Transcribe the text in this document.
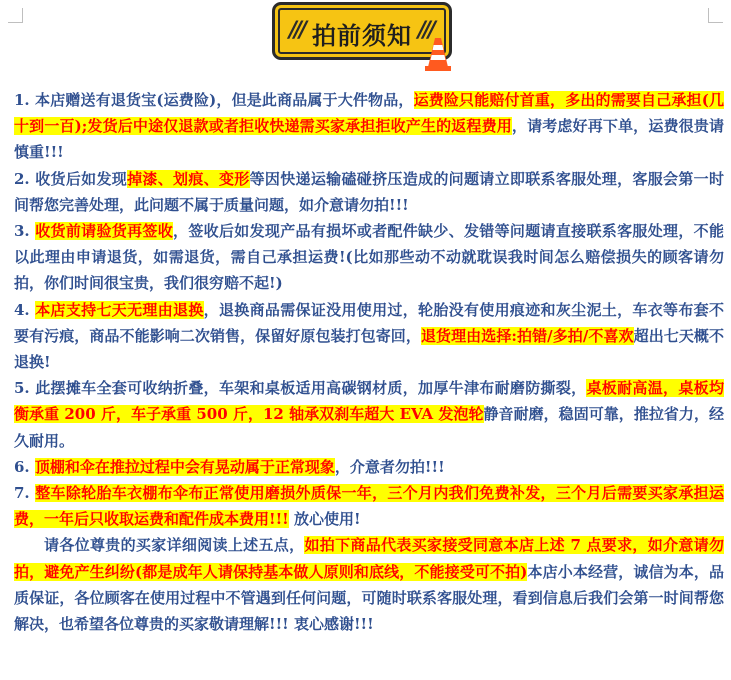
/// 拍前须知 ///

1. 本店赠送有退货宝(运费险)，但是此商品属于大件物品，运费险只能赔付首重，多出的需要自己承担(几十到一百);发货后中途仅退款或者拒收快递需买家承担拒收产生的返程费用，请考虑好再下单，运费很贵请慎重!!!

2. 收货后如发现掉漆、划痕、变形等因快递运输磕碰挤压造成的问题请立即联系客服处理，客服会第一时间帮您完善处理，此问题不属于质量问题，如介意请勿拍!!!

3. 收货前请验货再签收，签收后如发现产品有损坏或者配件缺少、发错等问题请直接联系客服处理，不能以此理由申请退货，如需退货，需自己承担运费!(比如那些动不动就耽误我时间怎么赔偿损失的顾客请勿拍，你们时间很宝贵，我们很穷赔不起!)

4. 本店支持七天无理由退换，退换商品需保证没用使用过，轮胎没有使用痕迹和灰尘泥土，车衣等布套不要有污痕，商品不能影响二次销售，保留好原包装打包寄回，退货理由选择:拍错/多拍/不喜欢超出七天概不退换!

5. 此摆摊车全套可收纳折叠，车架和桌板适用高碳钢材质，加厚牛津布耐磨防撕裂，桌板耐高温，桌板均衡承重 200 斤，车子承重 500 斤，12 轴承双刹车超大 EVA 发泡轮静音耐磨，稳固可靠，推拉省力，经久耐用。

6. 顶棚和伞在推拉过程中会有晃动属于正常现象，介意者勿拍!!!

7. 整车除轮胎车衣棚布伞布正常使用磨损外质保一年，三个月内我们免费补发，三个月后需要买家承担运费，一年后只收取运费和配件成本费用!!! 放心使用!

请各位尊贵的买家详细阅读上述五点，如拍下商品代表买家接受同意本店上述 7 点要求，如介意请勿拍，避免产生纠纷(都是成年人请保持基本做人原则和底线，不能接受可不拍)本店小本经营，诚信为本，品质保证，各位顾客在使用过程中不管遇到任何问题，可随时联系客服处理，看到信息后我们会第一时间帮您解决，也希望各位尊贵的买家敬请理解!!! 衷心感谢!!!
